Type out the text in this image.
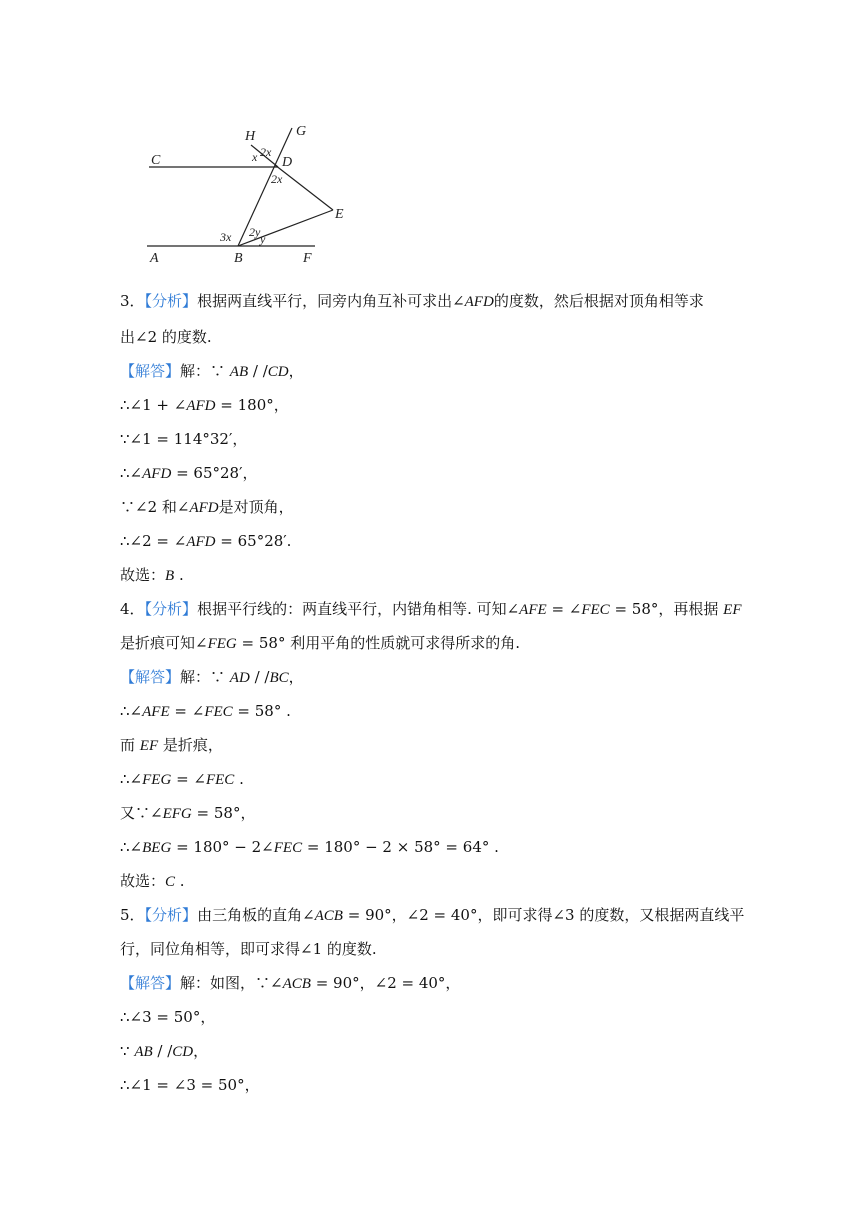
H	G
C	D
E
A	B	F
2x
x
2x
3x 2y y
3．【分析】根据两直线平行，同旁内角互补可求出∠AFD的度数，然后根据对顶角相等求
出∠2 的度数.
【解答】解：∵ AB / /CD，
∴∠1 + ∠AFD = 180°，
∵∠1 = 114°32′，
∴∠AFD = 65°28′，
∵∠2 和∠AFD是对顶角，
∴∠2 = ∠AFD = 65°28′.
故选：B .
4．【分析】根据平行线的：两直线平行，内错角相等. 可知∠AFE = ∠FEC = 58°，再根据 EF
是折痕可知∠FEG = 58° 利用平角的性质就可求得所求的角.
【解答】解：∵ AD / /BC，
∴∠AFE = ∠FEC = 58° .
而 EF 是折痕，
∴∠FEG = ∠FEC .
又∵∠EFG = 58°，
∴∠BEG = 180° − 2∠FEC = 180° − 2 × 58° = 64° .
故选：C .
5．【分析】由三角板的直角∠ACB = 90°，∠2 = 40°，即可求得∠3 的度数，又根据两直线平
行，同位角相等，即可求得∠1 的度数.
【解答】解：如图，∵∠ACB = 90°，∠2 = 40°，
∴∠3 = 50°，
∵ AB / /CD，
∴∠1 = ∠3 = 50°，
